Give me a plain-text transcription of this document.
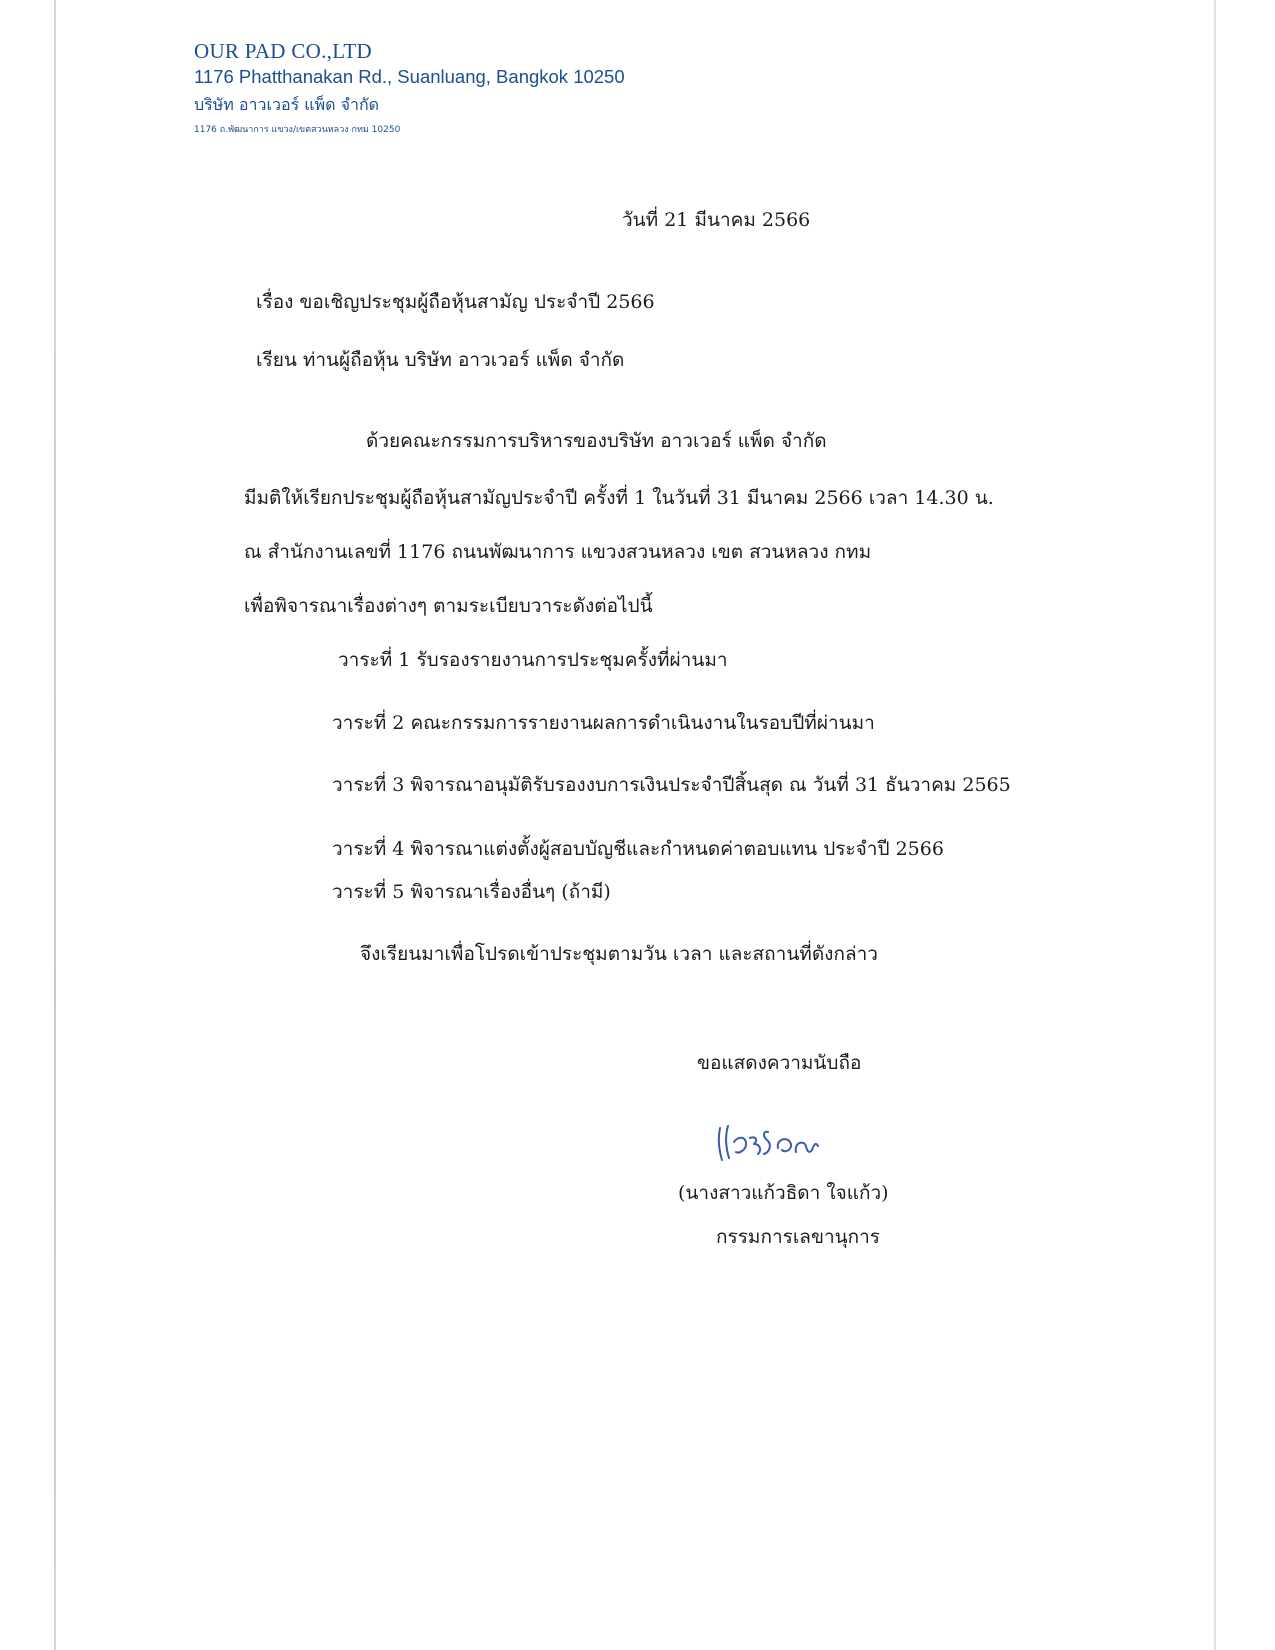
OUR PAD CO.,LTD
1176 Phatthanakan Rd., Suanluang, Bangkok 10250
บริษัท อาวเวอร์ แพ็ด จำกัด
1176 ถ.พัฒนาการ แขวง/เขตสวนหลวง กทม 10250
วันที่ 21 มีนาคม 2566
เรื่อง ขอเชิญประชุมผู้ถือหุ้นสามัญ ประจำปี 2566
เรียน ท่านผู้ถือหุ้น บริษัท อาวเวอร์ แพ็ด จำกัด
ด้วยคณะกรรมการบริหารของบริษัท อาวเวอร์ แพ็ด จำกัด
มีมติให้เรียกประชุมผู้ถือหุ้นสามัญประจำปี ครั้งที่ 1 ในวันที่ 31 มีนาคม 2566 เวลา 14.30 น.
ณ สำนักงานเลขที่ 1176 ถนนพัฒนาการ แขวงสวนหลวง เขต สวนหลวง กทม
เพื่อพิจารณาเรื่องต่างๆ ตามระเบียบวาระดังต่อไปนี้
วาระที่ 1 รับรองรายงานการประชุมครั้งที่ผ่านมา
วาระที่ 2 คณะกรรมการรายงานผลการดำเนินงานในรอบปีที่ผ่านมา
วาระที่ 3 พิจารณาอนุมัติรับรองงบการเงินประจำปีสิ้นสุด ณ วันที่ 31 ธันวาคม 2565
วาระที่ 4 พิจารณาแต่งตั้งผู้สอบบัญชีและกำหนดค่าตอบแทน ประจำปี 2566
วาระที่ 5 พิจารณาเรื่องอื่นๆ (ถ้ามี)
จึงเรียนมาเพื่อโปรดเข้าประชุมตามวัน เวลา และสถานที่ดังกล่าว
ขอแสดงความนับถือ
(นางสาวแก้วธิดา ใจแก้ว)
กรรมการเลขานุการ
